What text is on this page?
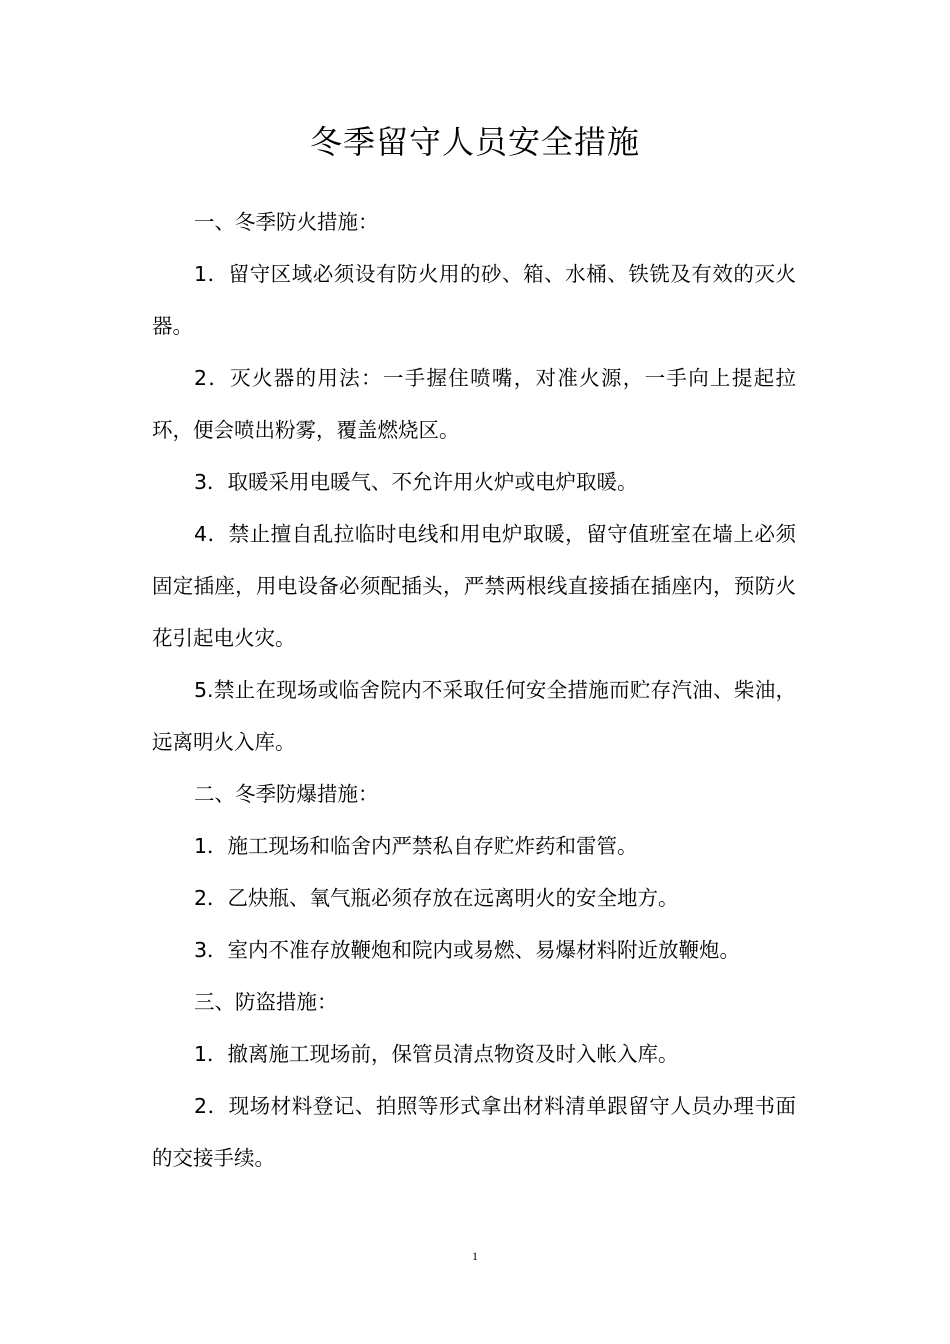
冬季留守人员安全措施

一、冬季防火措施：

1．留守区域必须设有防火用的砂、箱、水桶、铁铣及有效的灭火器。

2．灭火器的用法：一手握住喷嘴，对准火源，一手向上提起拉环，便会喷出粉雾，覆盖燃烧区。

3．取暖采用电暖气、不允许用火炉或电炉取暖。

4．禁止擅自乱拉临时电线和用电炉取暖，留守值班室在墙上必须固定插座，用电设备必须配插头，严禁两根线直接插在插座内，预防火花引起电火灾。

5.禁止在现场或临舍院内不采取任何安全措施而贮存汽油、柴油，远离明火入库。

二、冬季防爆措施：

1．施工现场和临舍内严禁私自存贮炸药和雷管。

2．乙炔瓶、氧气瓶必须存放在远离明火的安全地方。

3．室内不准存放鞭炮和院内或易燃、易爆材料附近放鞭炮。

三、防盗措施：

1．撤离施工现场前，保管员清点物资及时入帐入库。

2．现场材料登记、拍照等形式拿出材料清单跟留守人员办理书面的交接手续。

1
